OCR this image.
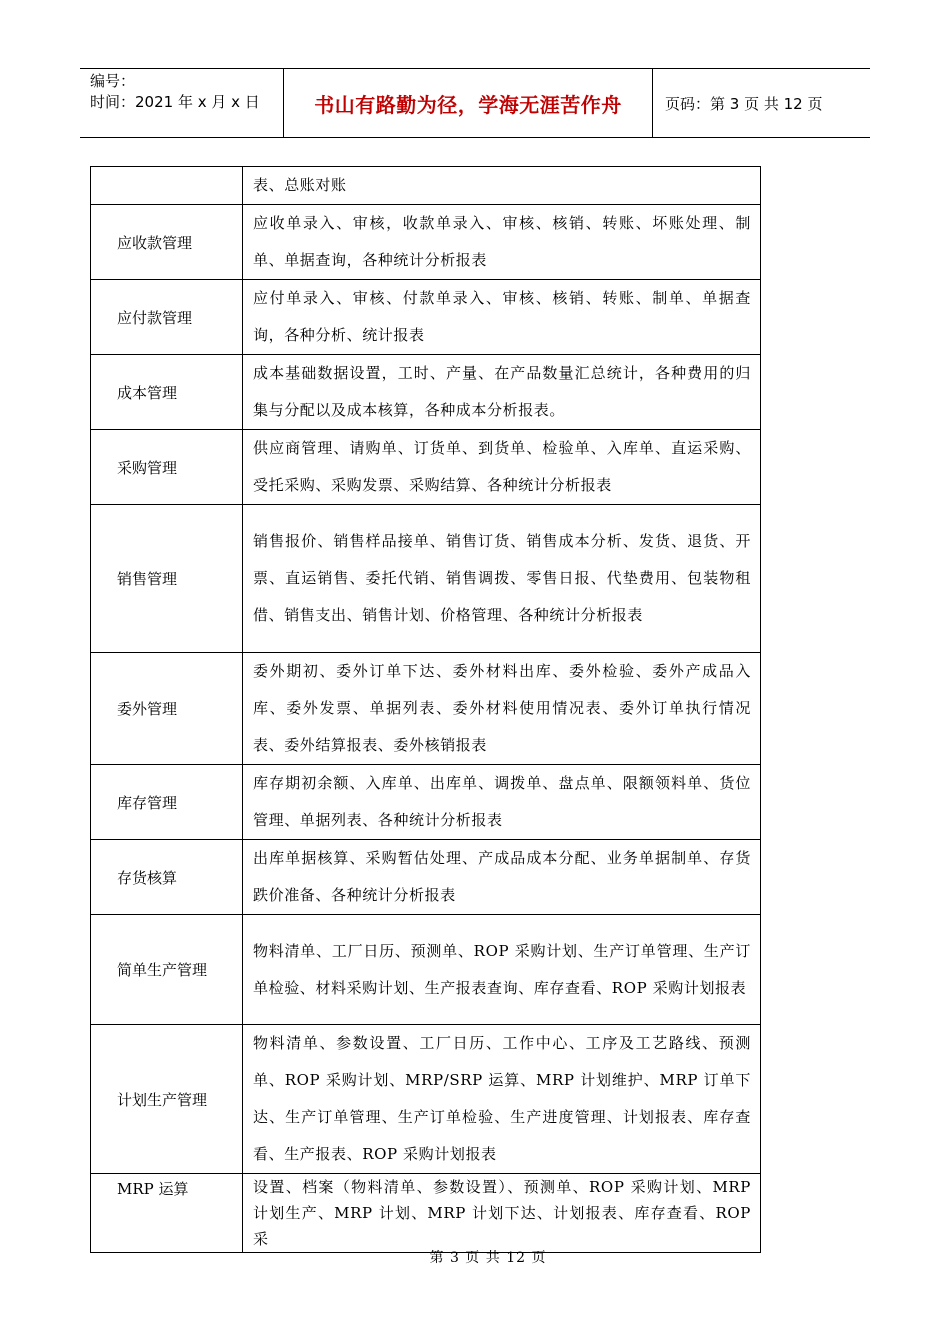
编号：
时间：2021 年 x 月 x 日	书山有路勤为径，学海无涯苦作舟	页码：第 3 页 共 12 页
	表、总账对账
应收款管理	应收单录入、审核，收款单录入、审核、核销、转账、坏账处理、制单、单据查询，各种统计分析报表
应付款管理	应付单录入、审核、付款单录入、审核、核销、转账、制单、单据查询，各种分析、统计报表
成本管理	成本基础数据设置，工时、产量、在产品数量汇总统计，各种费用的归集与分配以及成本核算，各种成本分析报表。
采购管理	供应商管理、请购单、订货单、到货单、检验单、入库单、直运采购、受托采购、采购发票、采购结算、各种统计分析报表
销售管理	销售报价、销售样品接单、销售订货、销售成本分析、发货、退货、开票、直运销售、委托代销、销售调拨、零售日报、代垫费用、包装物租借、销售支出、销售计划、价格管理、各种统计分析报表
委外管理	委外期初、委外订单下达、委外材料出库、委外检验、委外产成品入库、委外发票、单据列表、委外材料使用情况表、委外订单执行情况表、委外结算报表、委外核销报表
库存管理	库存期初余额、入库单、出库单、调拨单、盘点单、限额领料单、货位管理、单据列表、各种统计分析报表
存货核算	出库单据核算、采购暂估处理、产成品成本分配、业务单据制单、存货跌价准备、各种统计分析报表
简单生产管理	物料清单、工厂日历、预测单、ROP 采购计划、生产订单管理、生产订单检验、材料采购计划、生产报表查询、库存查看、ROP 采购计划报表
计划生产管理	物料清单、参数设置、工厂日历、工作中心、工序及工艺路线、预测单、ROP 采购计划、MRP/SRP 运算、MRP 计划维护、MRP 订单下达、生产订单管理、生产订单检验、生产进度管理、计划报表、库存查看、生产报表、ROP 采购计划报表
MRP 运算	设置、档案（物料清单、参数设置）、预测单、ROP 采购计划、MRP 计划生产、MRP 计划、MRP 计划下达、计划报表、库存查看、ROP 采
第 3 页 共 12 页
